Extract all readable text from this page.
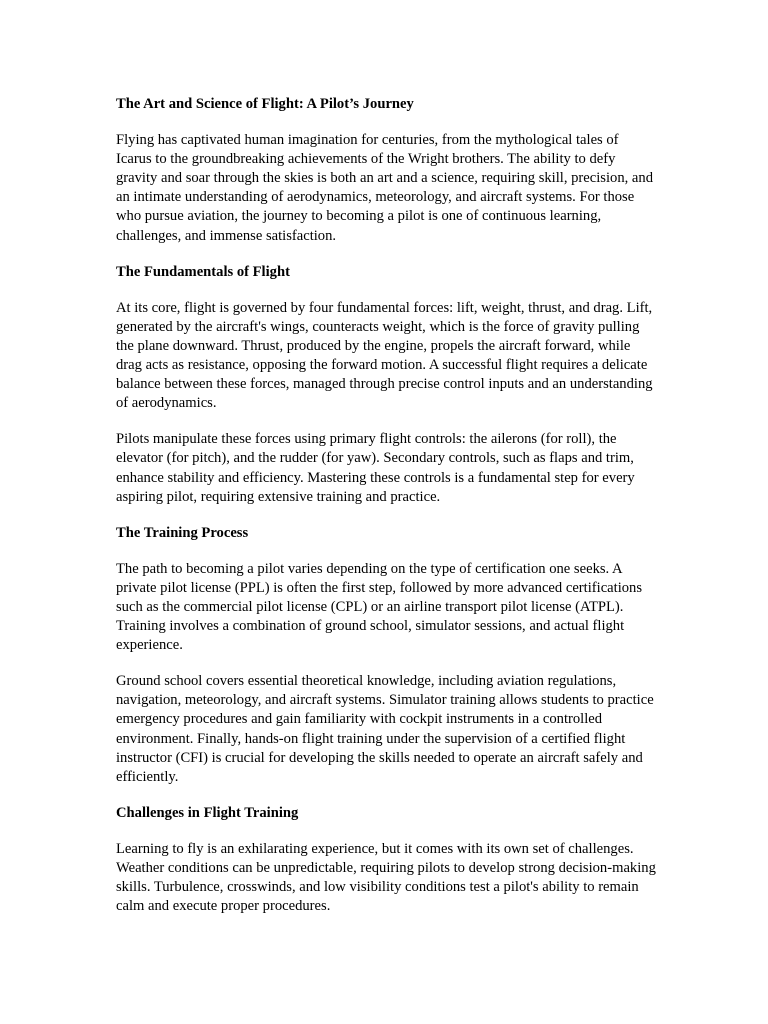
The Art and Science of Flight: A Pilot’s Journey

Flying has captivated human imagination for centuries, from the mythological tales of Icarus to the groundbreaking achievements of the Wright brothers. The ability to defy gravity and soar through the skies is both an art and a science, requiring skill, precision, and an intimate understanding of aerodynamics, meteorology, and aircraft systems. For those who pursue aviation, the journey to becoming a pilot is one of continuous learning, challenges, and immense satisfaction.

The Fundamentals of Flight

At its core, flight is governed by four fundamental forces: lift, weight, thrust, and drag. Lift, generated by the aircraft's wings, counteracts weight, which is the force of gravity pulling the plane downward. Thrust, produced by the engine, propels the aircraft forward, while drag acts as resistance, opposing the forward motion. A successful flight requires a delicate balance between these forces, managed through precise control inputs and an understanding of aerodynamics.

Pilots manipulate these forces using primary flight controls: the ailerons (for roll), the elevator (for pitch), and the rudder (for yaw). Secondary controls, such as flaps and trim, enhance stability and efficiency. Mastering these controls is a fundamental step for every aspiring pilot, requiring extensive training and practice.

The Training Process

The path to becoming a pilot varies depending on the type of certification one seeks. A private pilot license (PPL) is often the first step, followed by more advanced certifications such as the commercial pilot license (CPL) or an airline transport pilot license (ATPL). Training involves a combination of ground school, simulator sessions, and actual flight experience.

Ground school covers essential theoretical knowledge, including aviation regulations, navigation, meteorology, and aircraft systems. Simulator training allows students to practice emergency procedures and gain familiarity with cockpit instruments in a controlled environment. Finally, hands-on flight training under the supervision of a certified flight instructor (CFI) is crucial for developing the skills needed to operate an aircraft safely and efficiently.

Challenges in Flight Training

Learning to fly is an exhilarating experience, but it comes with its own set of challenges. Weather conditions can be unpredictable, requiring pilots to develop strong decision-making skills. Turbulence, crosswinds, and low visibility conditions test a pilot's ability to remain calm and execute proper procedures.
